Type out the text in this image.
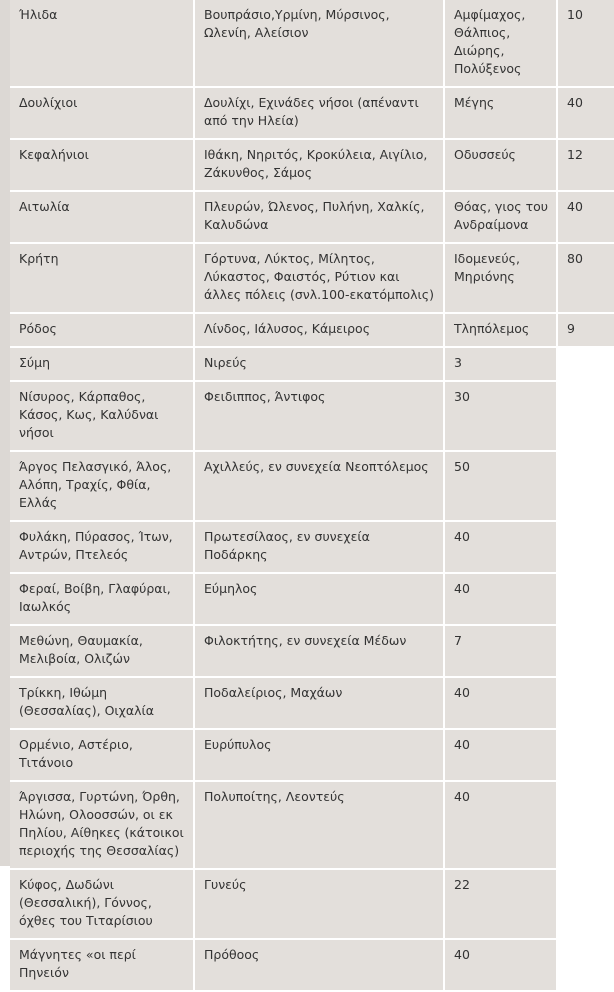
Ήλιδα	Βουπράσιο,Υρμίνη, Μύρσινος, Ωλενίη, Αλείσιον	Αμφίμαχος, Θάλπιος, Διώρης, Πολύξενος	10
Δουλίχιοι	Δουλίχι, Εχινάδες νήσοι (απέναντι από την Ηλεία)	Μέγης	40
Κεφαλήνιοι	Ιθάκη, Νηριτός, Κροκύλεια, Αιγίλιο, Ζάκυνθος, Σάμος	Οδυσσεύς	12
Αιτωλία	Πλευρών, Ώλενος, Πυλήνη, Χαλκίς, Καλυδώνα	Θόας, γιος του Ανδραίμονα	40
Κρήτη	Γόρτυνα, Λύκτος, Μίλητος, Λύκαστος, Φαιστός, Ρύτιον και άλλες πόλεις (σνλ.100-εκατόμπολις)	Ιδομενεύς, Μηριόνης	80
Ρόδος	Λίνδος, Ιάλυσος, Κάμειρος	Τληπόλεμος	9
Σύμη	Νιρεύς	3	
Νίσυρος, Κάρπαθος, Κάσος, Κως, Καλύδναι νήσοι	Φειδιππος, Άντιφος	30	
Άργος Πελασγικό, Άλος, Αλόπη, Τραχίς, Φθία, Ελλάς	Αχιλλεύς, εν συνεχεία Νεοπτόλεμος	50	
Φυλάκη, Πύρασος, Ίτων, Αντρών, Πτελεός	Πρωτεσίλαος, εν συνεχεία Ποδάρκης	40	
Φεραί, Βοίβη, Γλαφύραι, Ιαωλκός	Εύμηλος	40	
Μεθώνη, Θαυμακία, Μελιβοία, Ολιζών	Φιλοκτήτης, εν συνεχεία Μέδων	7	
Τρίκκη, Ιθώμη (Θεσσαλίας), Οιχαλία	Ποδαλείριος, Μαχάων	40	
Ορμένιο, Αστέριο, Τιτάνοιο	Ευρύπυλος	40	
Άργισσα, Γυρτώνη, Όρθη, Ηλώνη, Ολοοσσών, οι εκ Πηλίου, Αίθηκες (κάτοικοι περιοχής της Θεσσαλίας)	Πολυποίτης, Λεοντεύς	40	
Κύφος, Δωδώνι (Θεσσαλική), Γόννος, όχθες του Τιταρίσιου	Γυνεύς	22	
Μάγνητες «οι περί Πηνειόν	Πρόθοος	40	
